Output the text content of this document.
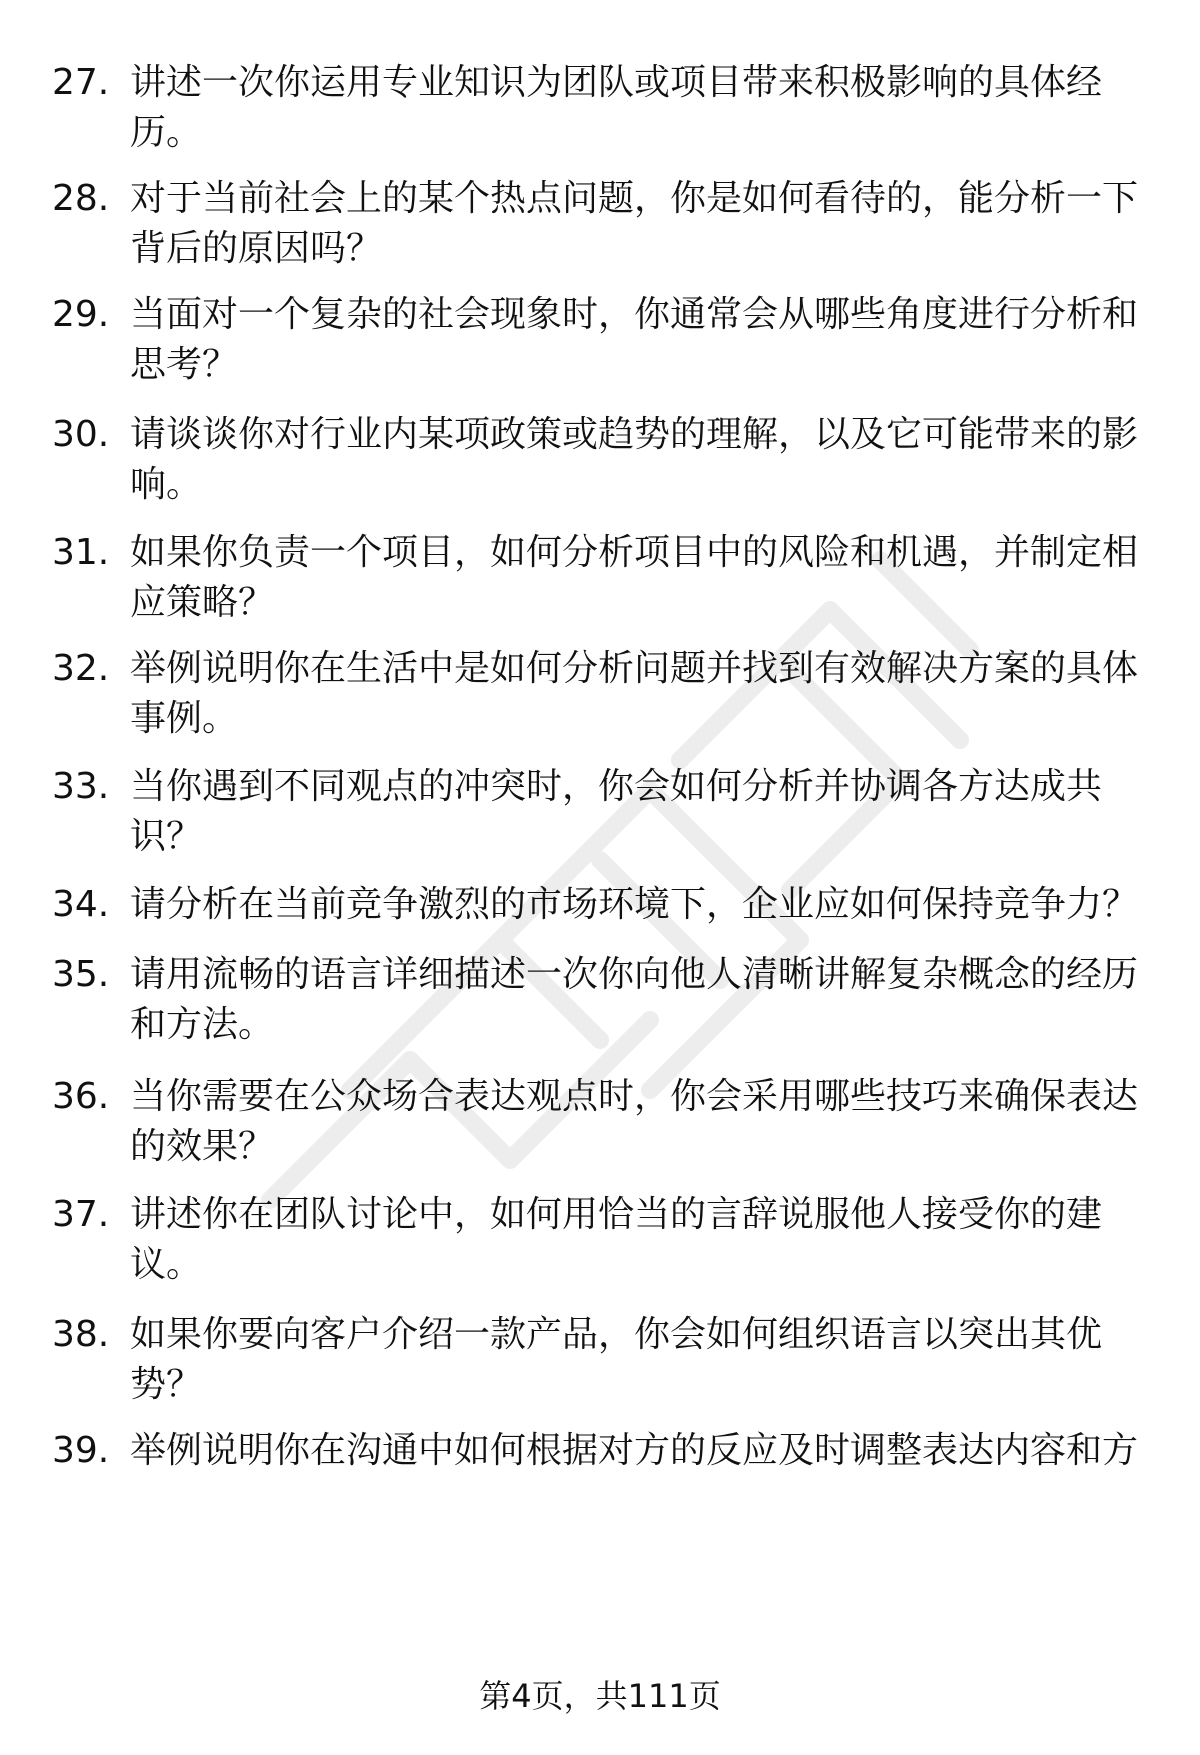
27. 讲述一次你运用专业知识为团队或项目带来积极影响的具体经
历。
28. 对于当前社会上的某个热点问题，你是如何看待的，能分析一下
背后的原因吗？
29. 当面对一个复杂的社会现象时，你通常会从哪些角度进行分析和
思考？
30. 请谈谈你对行业内某项政策或趋势的理解，以及它可能带来的影
响。
31. 如果你负责一个项目，如何分析项目中的风险和机遇，并制定相
应策略？
32. 举例说明你在生活中是如何分析问题并找到有效解决方案的具体
事例。
33. 当你遇到不同观点的冲突时，你会如何分析并协调各方达成共
识？
34. 请分析在当前竞争激烈的市场环境下，企业应如何保持竞争力？
35. 请用流畅的语言详细描述一次你向他人清晰讲解复杂概念的经历
和方法。
36. 当你需要在公众场合表达观点时，你会采用哪些技巧来确保表达
的效果？
37. 讲述你在团队讨论中，如何用恰当的言辞说服他人接受你的建
议。
38. 如果你要向客户介绍一款产品，你会如何组织语言以突出其优
势？
39. 举例说明你在沟通中如何根据对方的反应及时调整表达内容和方
第4页，共111页
